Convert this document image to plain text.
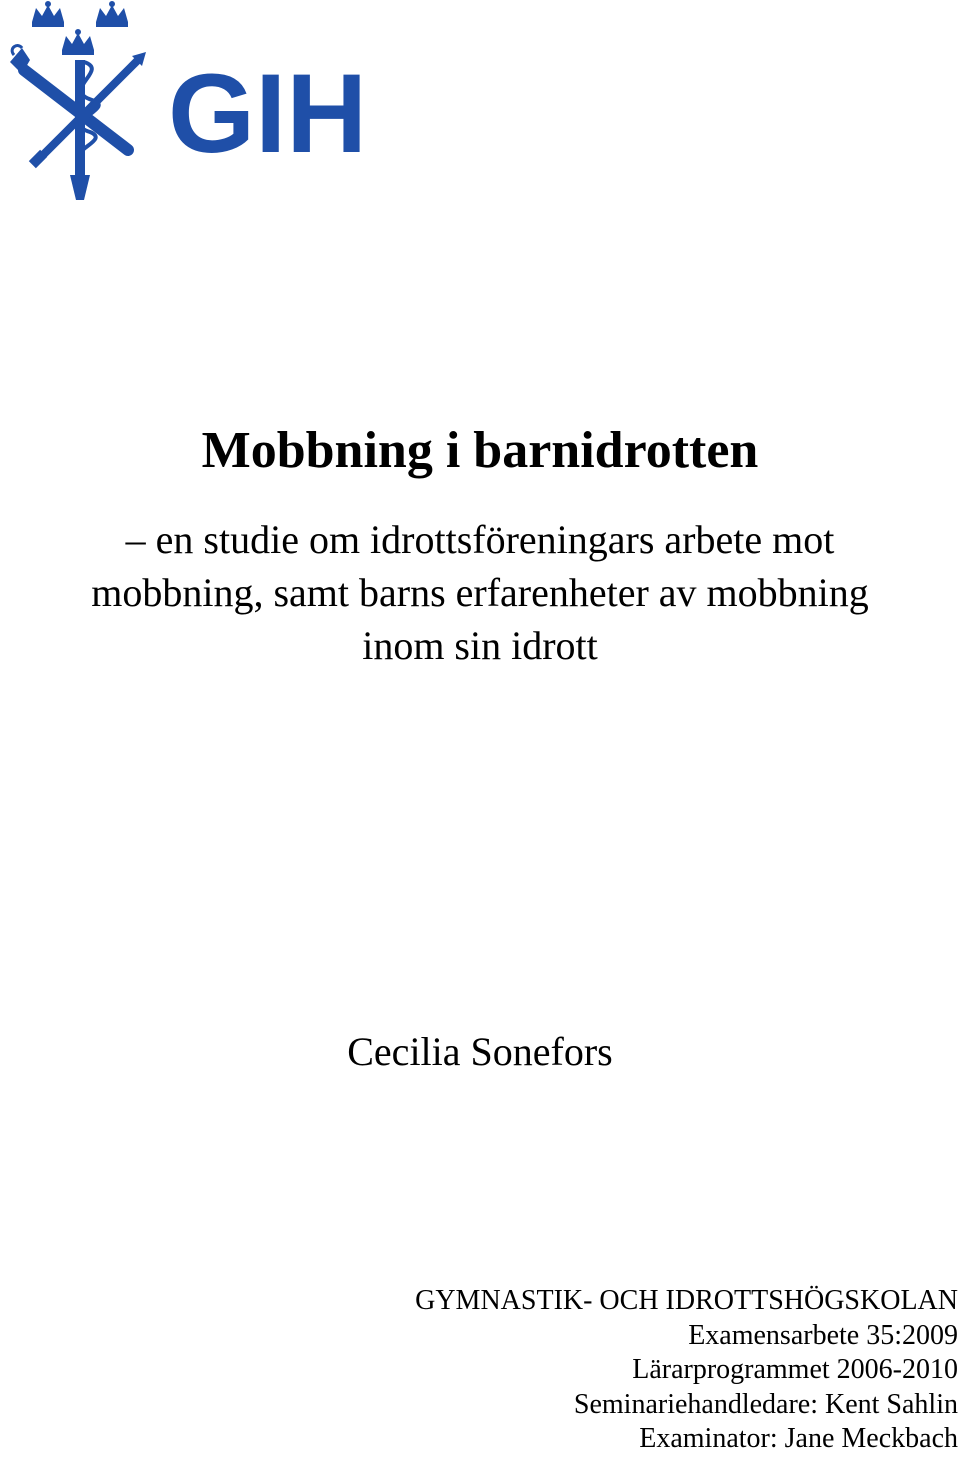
GIH
Mobbning i barnidrotten
– en studie om idrottsföreningars arbete mot
mobbning, samt barns erfarenheter av mobbning
inom sin idrott
Cecilia Sonefors
GYMNASTIK- OCH IDROTTSHÖGSKOLAN
Examensarbete 35:2009
Lärarprogrammet 2006-2010
Seminariehandledare: Kent Sahlin
Examinator: Jane Meckbach
